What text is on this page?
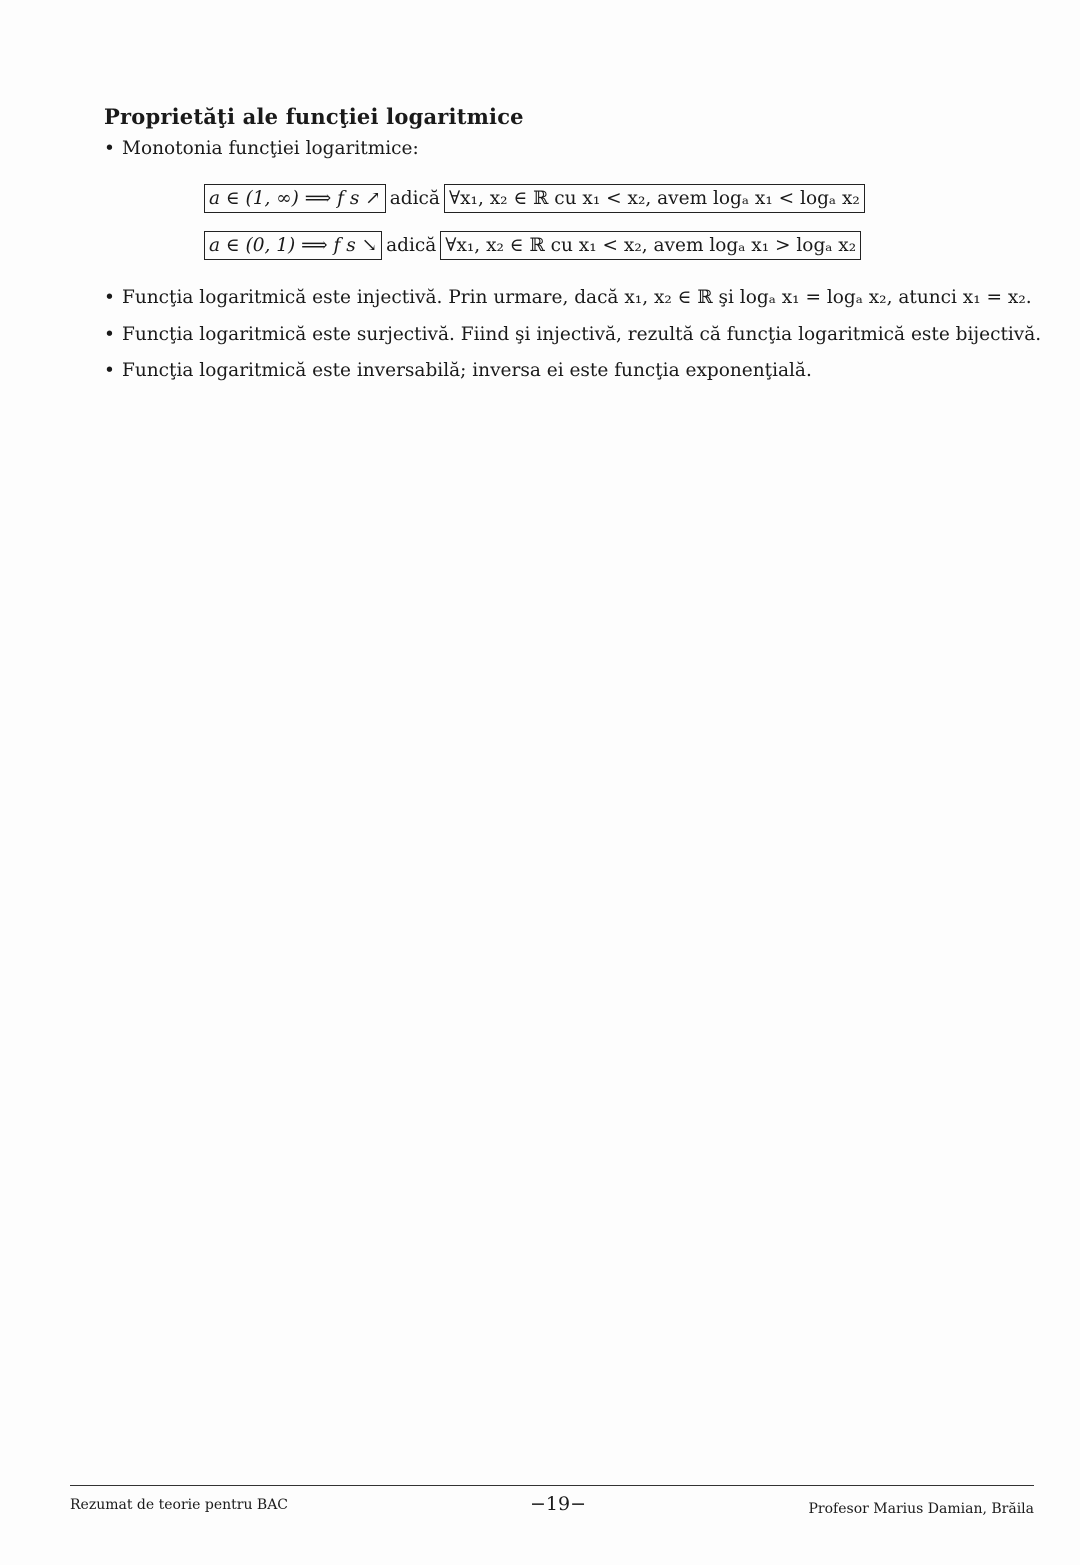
Proprietăţi ale funcţiei logaritmice
• Monotonia funcţiei logaritmice:
a ∈ (1, ∞) ⟹ f s ↗ adică ∀x₁, x₂ ∈ ℝ cu x₁ < x₂, avem logₐ x₁ < logₐ x₂
a ∈ (0, 1) ⟹ f s ↘ adică ∀x₁, x₂ ∈ ℝ cu x₁ < x₂, avem logₐ x₁ > logₐ x₂
• Funcţia logaritmică este injectivă. Prin urmare, dacă x₁, x₂ ∈ ℝ şi logₐ x₁ = logₐ x₂, atunci x₁ = x₂.
• Funcţia logaritmică este surjectivă. Fiind şi injectivă, rezultă că funcţia logaritmică este bijectivă.
• Funcţia logaritmică este inversabilă; inversa ei este funcţia exponenţială.
Rezumat de teorie pentru BAC	−19−	Profesor Marius Damian, Brăila
